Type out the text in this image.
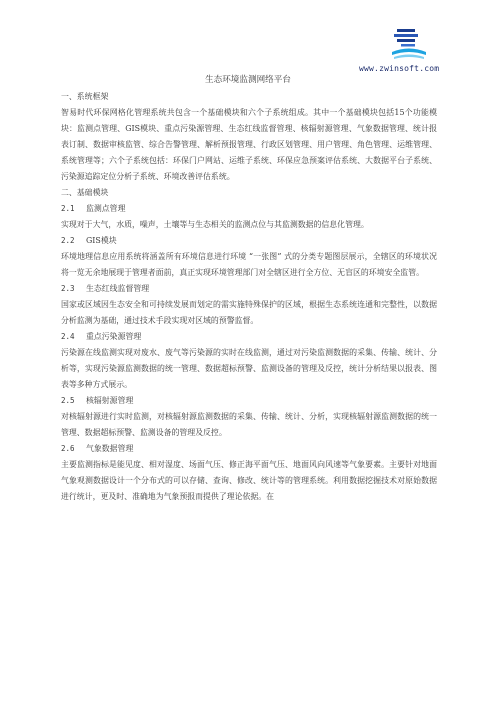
www.zwinsoft.com
生态环境监测网络平台

一、系统框架

智易时代环保网格化管理系统共包含一个基础模块和六个子系统组成。其中一个基础模块包括15个功能模块：监测点管理、GIS模块、重点污染源管理、生态红线监督管理、核辐射源管理、气象数据管理、统计报表订制、数据审核监管、综合告警管理、解析预报管理、行政区划管理、用户管理、角色管理、运维管理、系统管理等；六个子系统包括：环保门户网站、运维子系统、环保应急预案评估系统、大数据平台子系统、污染源追踪定位分析子系统、环境改善评估系统。

二、基础模块

2.1 监测点管理

实现对于大气，水质，噪声，土壤等与生态相关的监测点位与其监测数据的信息化管理。

2.2 GIS模块

环境地理信息应用系统将涵盖所有环境信息进行环境 “一张图” 式的分类专题图层展示，全辖区的环境状况将一览无余地展现于管理者面前，真正实现环境管理部门对全辖区进行全方位、无盲区的环境安全监管。

2.3 生态红线监督管理

国家或区域因生态安全和可持续发展而划定的需实施特殊保护的区域，根据生态系统连通和完整性，以数据分析监测为基础，通过技术手段实现对区域的预警监督。

2.4 重点污染源管理

污染源在线监测实现对废水、废气等污染源的实时在线监测，通过对污染监测数据的采集、传输、统计、分析等，实现污染源监测数据的统一管理、数据超标预警、监测设备的管理及反控，统计分析结果以报表、图表等多种方式展示。

2.5 核辐射源管理

对核辐射源进行实时监测，对核辐射源监测数据的采集、传输、统计、分析，实现核辐射源监测数据的统一管理、数据超标预警、监测设备的管理及反控。

2.6 气象数据管理

主要监测指标是能见度、相对湿度、场面气压、修正海平面气压、地面风向风速等气象要素。主要针对地面气象观测数据设计一个分布式的可以存储、查询、修改、统计等的管理系统。利用数据挖掘技术对原始数据进行统计，更及时、准确地为气象预报而提供了理论依据。在
